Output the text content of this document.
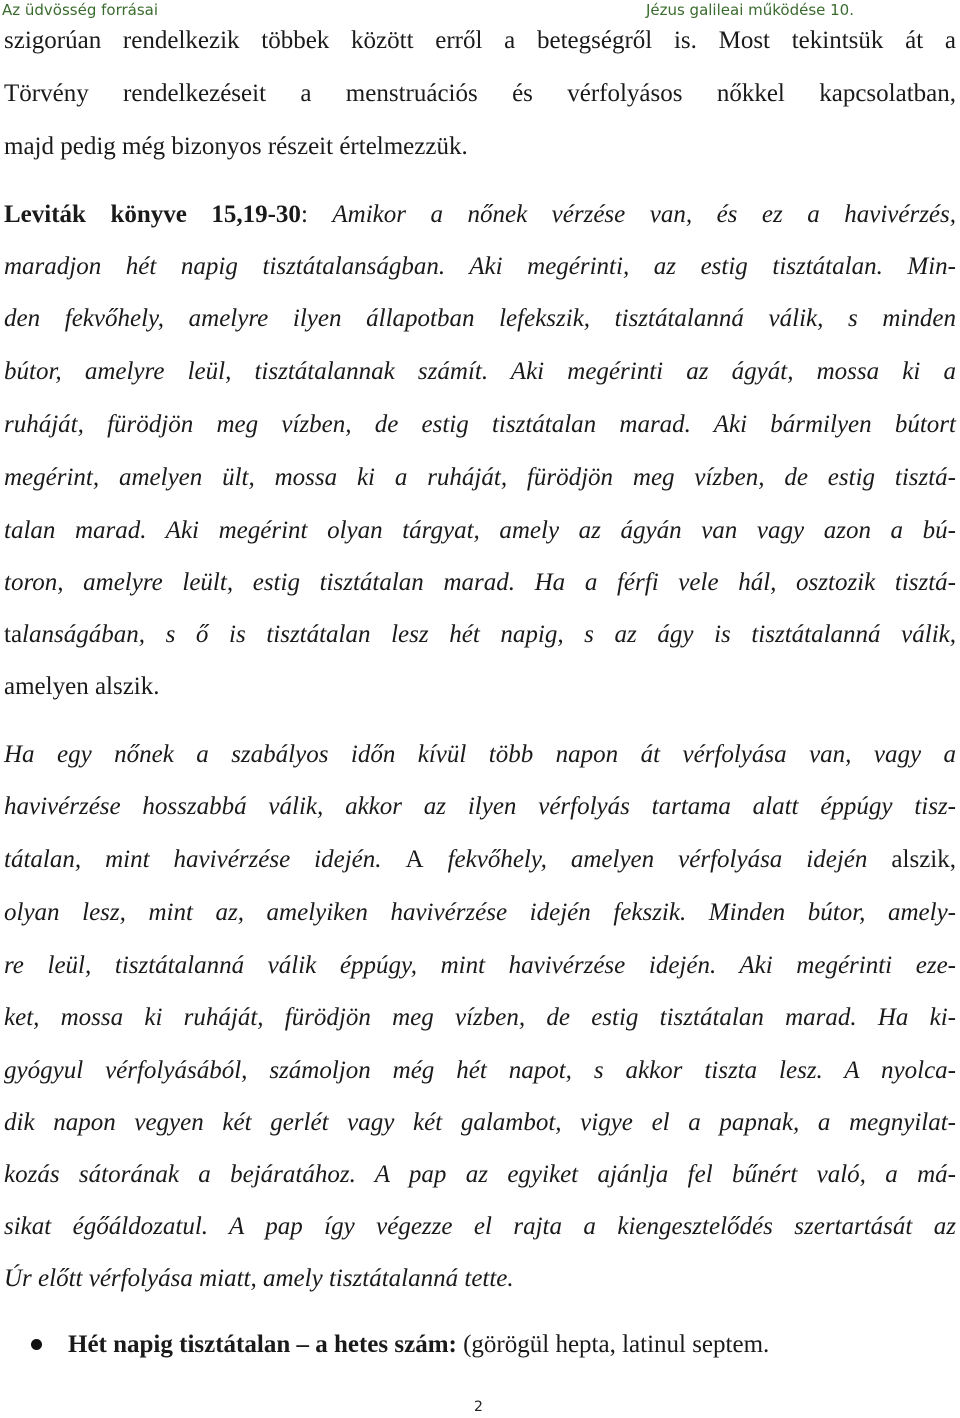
Az üdvösség forrásai	Jézus galileai működése 10.
szigorúan rendelkezik többek között erről a betegségről is. Most tekintsük át a
Törvény rendelkezéseit a menstruációs és vérfolyásos nőkkel kapcsolatban,
majd pedig még bizonyos részeit értelmezzük.
Leviták könyve 15,19-30: Amikor a nőnek vérzése van, és ez a havivérzés,
maradjon hét napig tisztátalanságban. Aki megérinti, az estig tisztátalan. Min-
den fekvőhely, amelyre ilyen állapotban lefekszik, tisztátalanná válik, s minden
bútor, amelyre leül, tisztátalannak számít. Aki megérinti az ágyát, mossa ki a
ruháját, fürödjön meg vízben, de estig tisztátalan marad. Aki bármilyen bútort
megérint, amelyen ült, mossa ki a ruháját, fürödjön meg vízben, de estig tisztá-
talan marad. Aki megérint olyan tárgyat, amely az ágyán van vagy azon a bú-
toron, amelyre leült, estig tisztátalan marad. Ha a férfi vele hál, osztozik tisztá-
talanságában, s ő is tisztátalan lesz hét napig, s az ágy is tisztátalanná válik,
amelyen alszik.
Ha egy nőnek a szabályos időn kívül több napon át vérfolyása van, vagy a
havivérzése hosszabbá válik, akkor az ilyen vérfolyás tartama alatt éppúgy tisz-
tátalan, mint havivérzése idején. A fekvőhely, amelyen vérfolyása idején alszik,
olyan lesz, mint az, amelyiken havivérzése idején fekszik. Minden bútor, amely-
re leül, tisztátalanná válik éppúgy, mint havivérzése idején. Aki megérinti eze-
ket, mossa ki ruháját, fürödjön meg vízben, de estig tisztátalan marad. Ha ki-
gyógyul vérfolyásából, számoljon még hét napot, s akkor tiszta lesz. A nyolca-
dik napon vegyen két gerlét vagy két galambot, vigye el a papnak, a megnyilat-
kozás sátorának a bejáratához. A pap az egyiket ajánlja fel bűnért való, a má-
sikat égőáldozatul. A pap így végezze el rajta a kiengesztelődés szertartását az
Úr előtt vérfolyása miatt, amely tisztátalanná tette.
Hét napig tisztátalan – a hetes szám: (görögül hepta, latinul septem.
2
